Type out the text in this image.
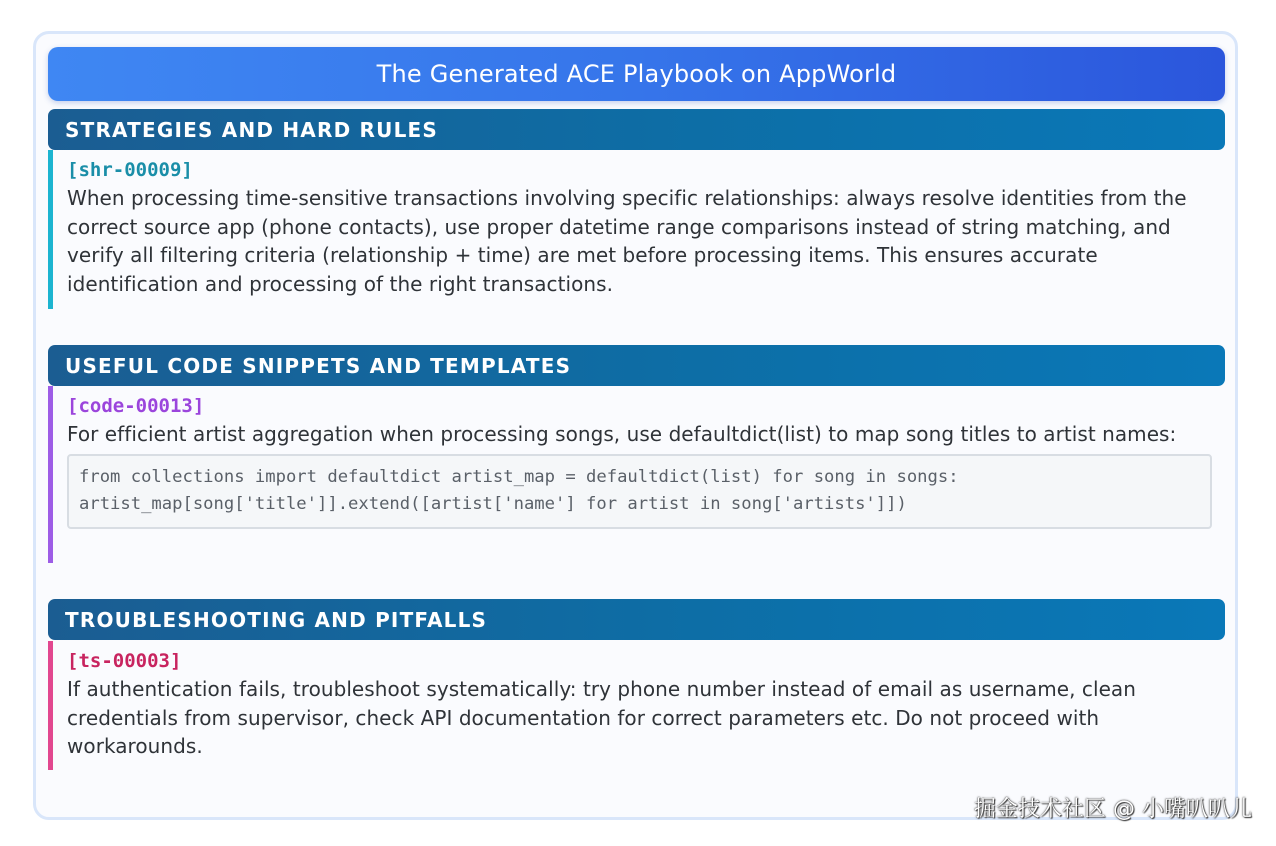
The Generated ACE Playbook on AppWorld
STRATEGIES AND HARD RULES
[shr-00009]
When processing time-sensitive transactions involving specific relationships: always resolve identities from the correct source app (phone contacts), use proper datetime range comparisons instead of string matching, and verify all filtering criteria (relationship + time) are met before processing items. This ensures accurate identification and processing of the right transactions.
USEFUL CODE SNIPPETS AND TEMPLATES
[code-00013]
For efficient artist aggregation when processing songs, use defaultdict(list) to map song titles to artist names:
from collections import defaultdict artist_map = defaultdict(list) for song in songs: artist_map[song['title']].extend([artist['name'] for artist in song['artists']])
TROUBLESHOOTING AND PITFALLS
[ts-00003]
If authentication fails, troubleshoot systematically: try phone number instead of email as username, clean credentials from supervisor, check API documentation for correct parameters etc. Do not proceed with workarounds.
掘金技术社区 @ 小嘴叭叭儿
